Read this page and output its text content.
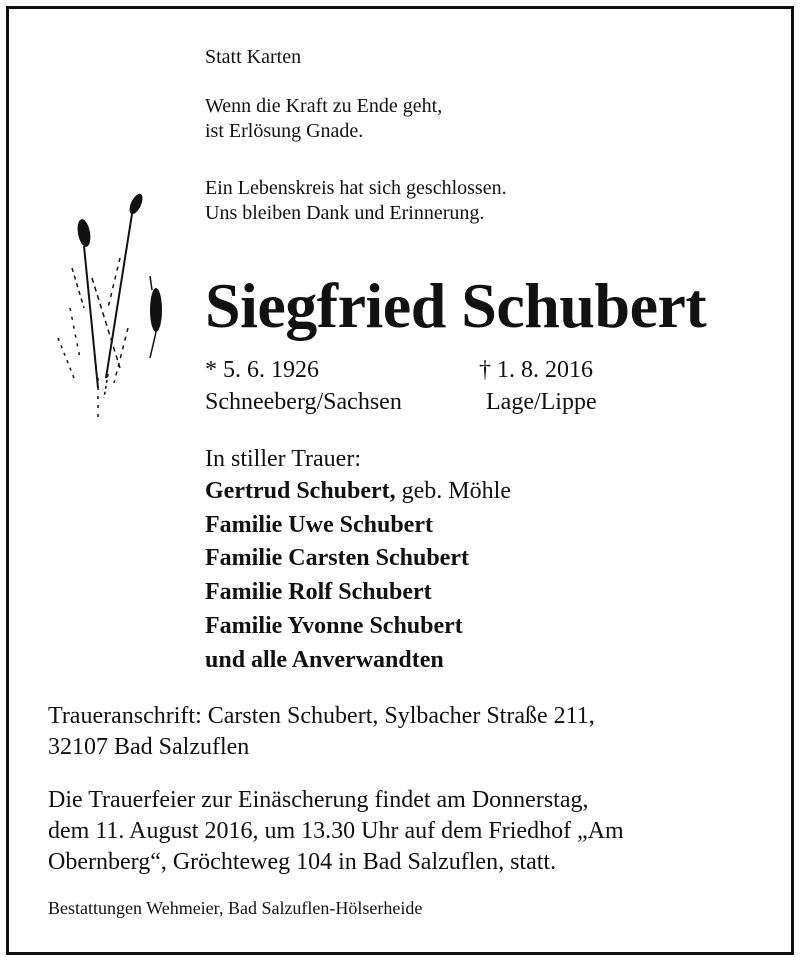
Statt Karten
Wenn die Kraft zu Ende geht,
ist Erlösung Gnade.
Ein Lebenskreis hat sich geschlossen.
Uns bleiben Dank und Erinnerung.
Siegfried Schubert
* 5. 6. 1926
Schneeberg/Sachsen
† 1. 8. 2016
Lage/Lippe
In stiller Trauer:
Gertrud Schubert, geb. Möhle
Familie Uwe Schubert
Familie Carsten Schubert
Familie Rolf Schubert
Familie Yvonne Schubert
und alle Anverwandten
Traueranschrift: Carsten Schubert, Sylbacher Straße 211,
32107 Bad Salzuflen
Die Trauerfeier zur Einäscherung findet am Donnerstag,
dem 11. August 2016, um 13.30 Uhr auf dem Friedhof „Am
Obernberg“, Gröchteweg 104 in Bad Salzuflen, statt.
Bestattungen Wehmeier, Bad Salzuflen-Hölserheide
